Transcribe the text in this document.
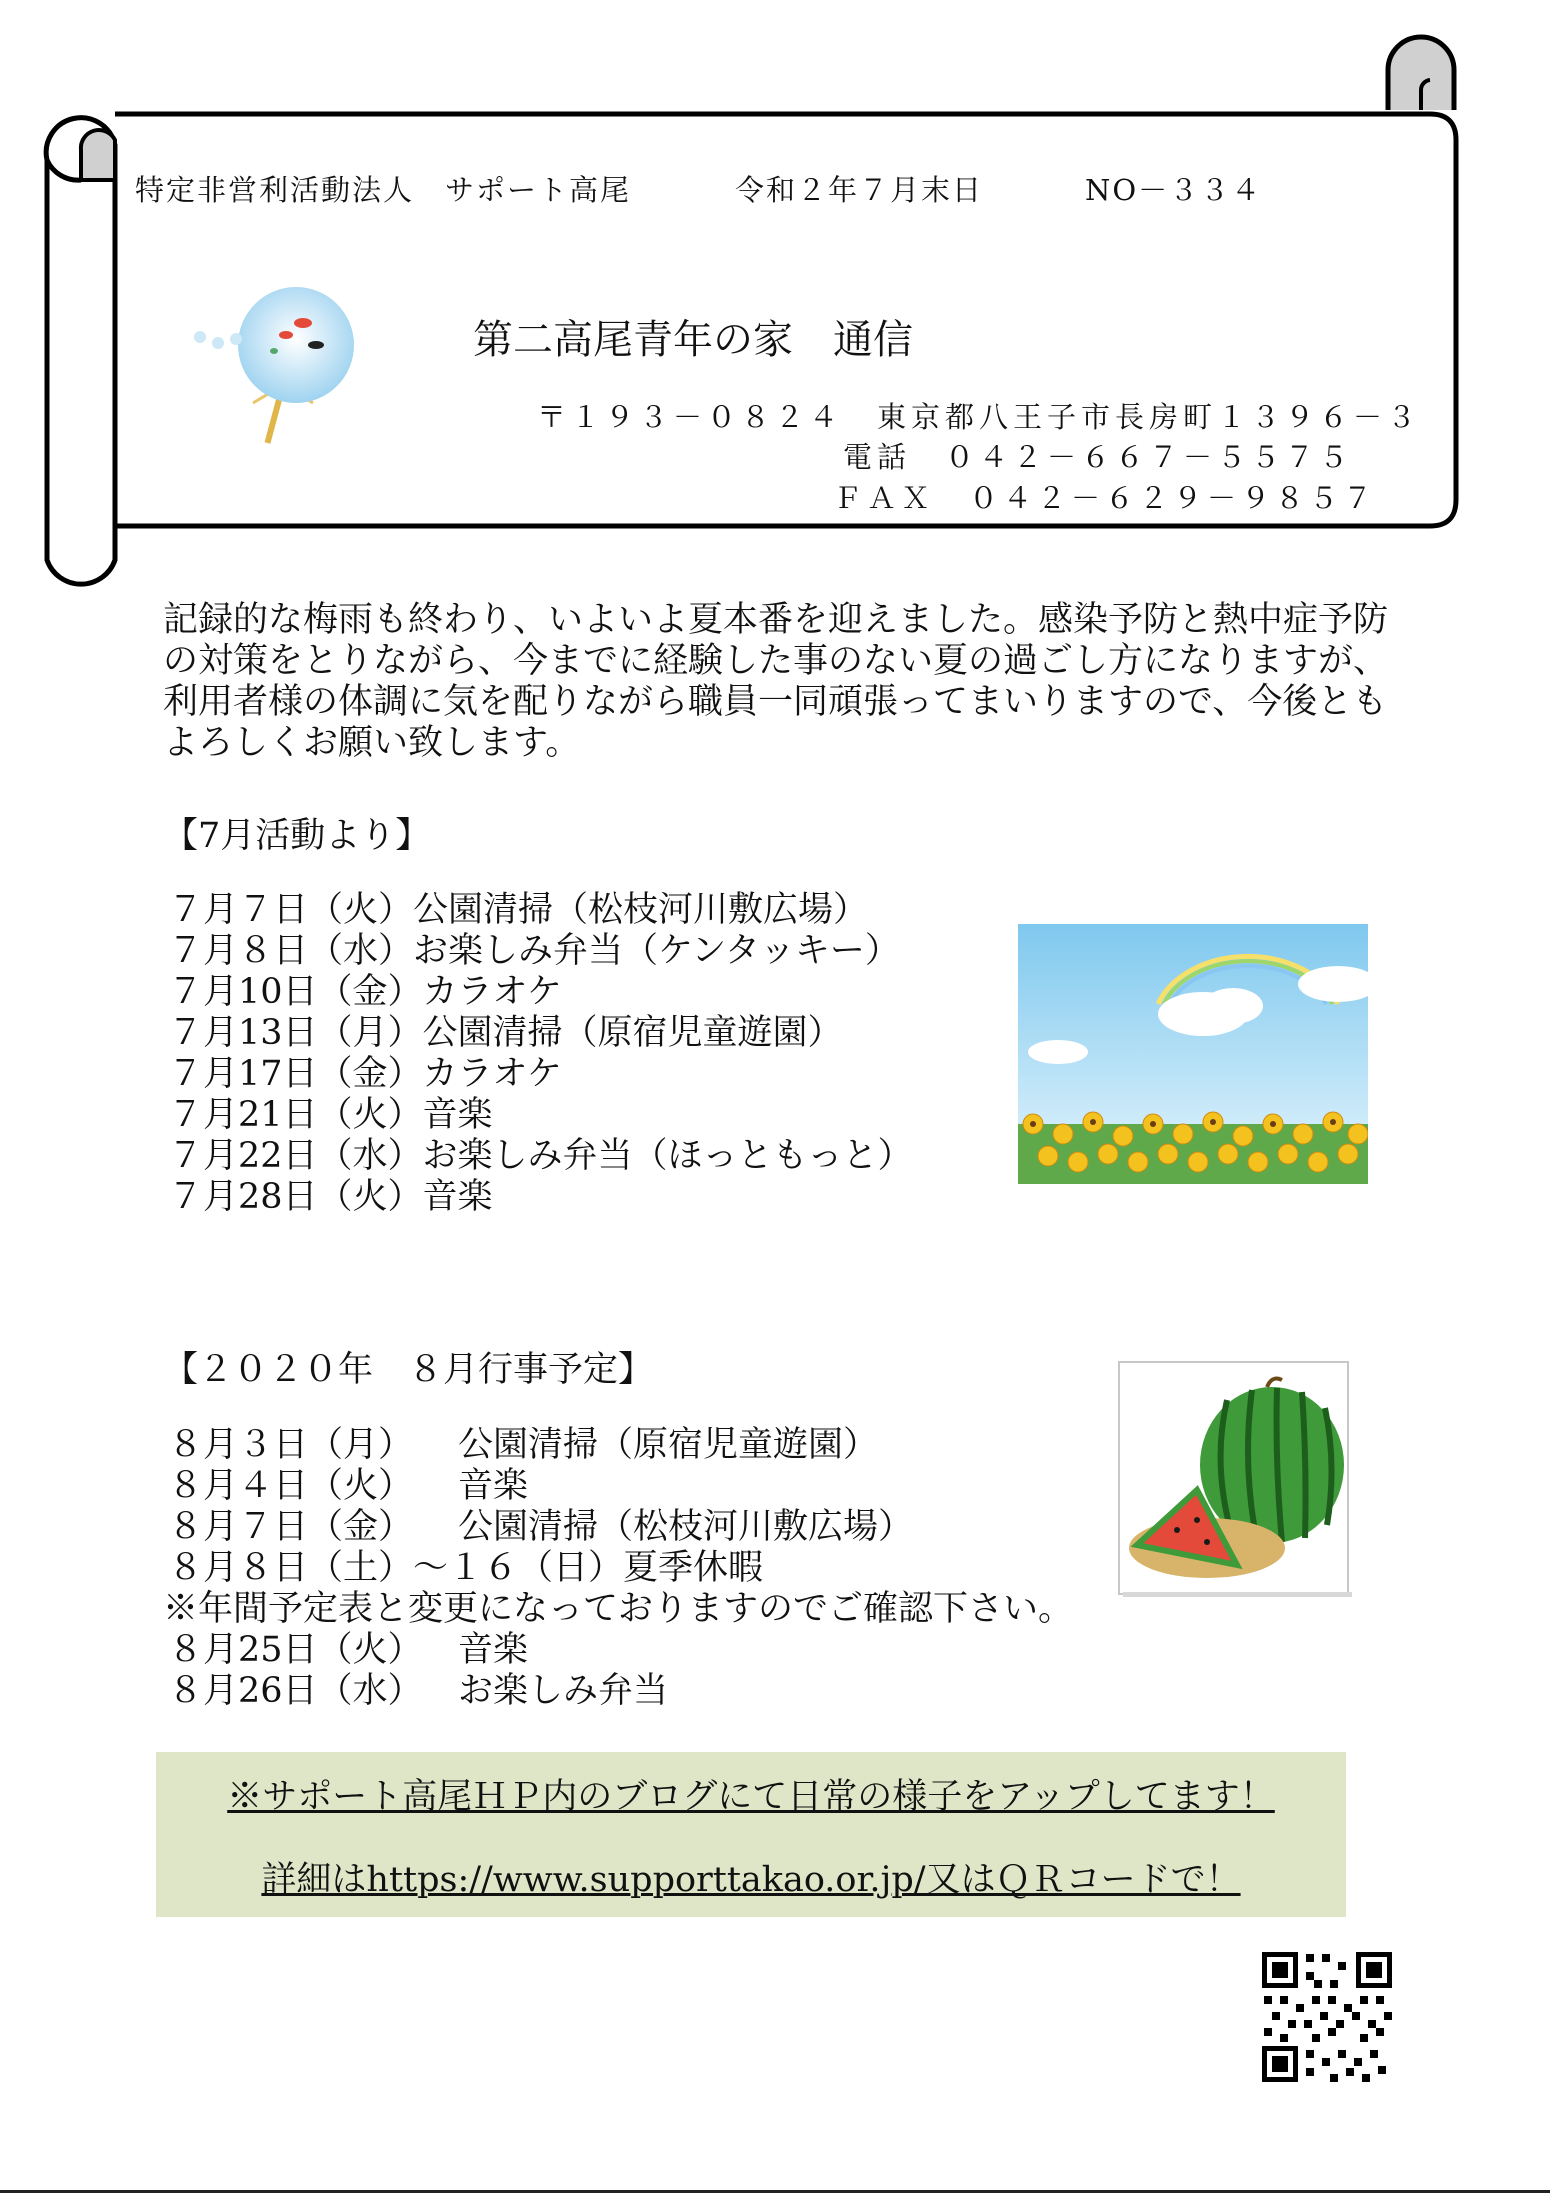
特定非営利活動法人　サポート高尾	令和２年７月末日	NO－３３４
第二高尾青年の家　通信
〒１９３－０８２４　東京都八王子市長房町１３９６－３
電話　０４２－６６７－５５７５
ＦＡＸ　０４２－６２９－９８５７
記録的な梅雨も終わり、いよいよ夏本番を迎えました。感染予防と熱中症予防
の対策をとりながら、今までに経験した事のない夏の過ごし方になりますが、
利用者様の体調に気を配りながら職員一同頑張ってまいりますので、今後とも
よろしくお願い致します。
【7月活動より】
７月７日（火）公園清掃（松枝河川敷広場）
７月８日（水）お楽しみ弁当（ケンタッキー）
７月10日（金）カラオケ
７月13日（月）公園清掃（原宿児童遊園）
７月17日（金）カラオケ
７月21日（火）音楽
７月22日（水）お楽しみ弁当（ほっともっと）
７月28日（火）音楽
【２０２０年　８月行事予定】
８月３日（月） 公園清掃（原宿児童遊園）
８月４日（火） 音楽
８月７日（金） 公園清掃（松枝河川敷広場）
８月８日（土）～１６（日）夏季休暇
※年間予定表と変更になっておりますのでご確認下さい。
８月25日（火） 音楽
８月26日（水） お楽しみ弁当
※サポート高尾ＨＰ内のブログにて日常の様子をアップしてます！
詳細はhttps://www.supporttakao.or.jp/又はＱＲコードで！
